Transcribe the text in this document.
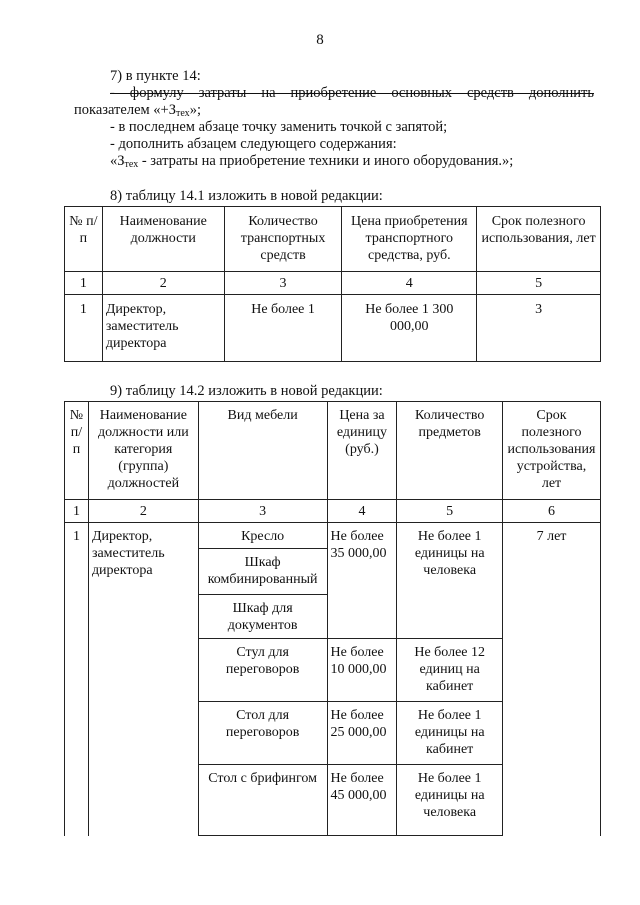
8
7) в пункте 14:
- формулу затраты на приобретение основных средств дополнить
показателем «$+З_{тех}$»;
- в последнем абзаце точку заменить точкой с запятой;
- дополнить абзацем следующего содержания:
«$З_{тех}$ - затраты на приобретение техники и иного оборудования.»;
8) таблицу 14.1 изложить в новой редакции:
№ п/п	Наименование должности	Количество транспортных средств	Цена приобретения транспортного средства, руб.	Срок полезного использования, лет
1	2	3	4	5
1	Директор, заместитель директора	Не более 1	Не более 1 300 000,00	3
9) таблицу 14.2 изложить в новой редакции:
№ п/п	Наименование должности или категория (группа) должностей	Вид мебели	Цена за единицу (руб.)	Количество предметов	Срок полезного использования устройства, лет
1	2	3	4	5	6
1	Директор, заместитель директора	Кресло	Не более 35 000,00	Не более 1 единицы на человека	7 лет
		Шкаф комбинированный			
		Шкаф для документов			
		Стул для переговоров	Не более 10 000,00	Не более 12 единиц на кабинет	
		Стол для переговоров	Не более 25 000,00	Не более 1 единицы на кабинет	
		Стол с брифингом	Не более 45 000,00	Не более 1 единицы на человека	
